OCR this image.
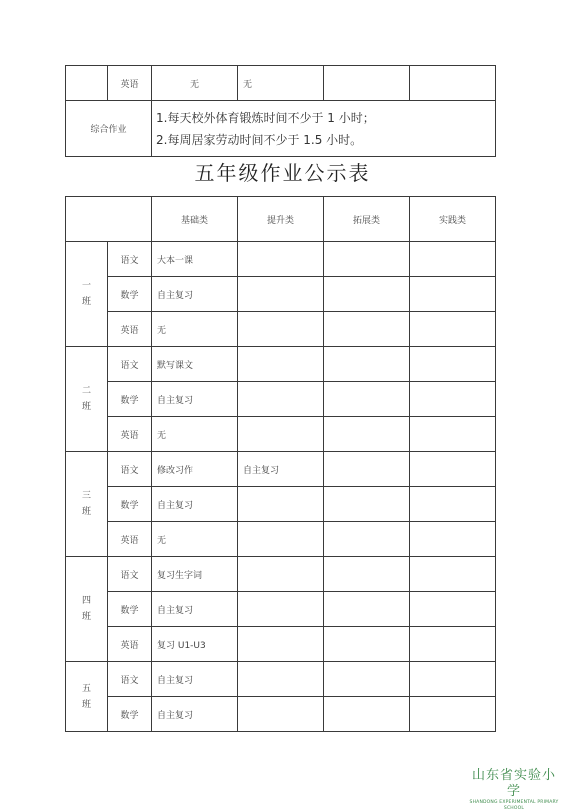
	英语	无	无		
综合作业		1.每天校外体育锻炼时间不少于 1 小时；
2.每周居家劳动时间不少于 1.5 小时。			
五年级作业公示表
		基础类	提升类	拓展类	实践类
一
班	语文	大本一课			
	数学	自主复习			
	英语	无			
二
班	语文	默写课文			
	数学	自主复习			
	英语	无			
三
班	语文	修改习作	自主复习		
	数学	自主复习			
	英语	无			
四
班	语文	复习生字词			
	数学	自主复习			
	英语	复习 U1-U3			
五
班	语文	自主复习			
	数学	自主复习			
山东省实验小学
SHANDONG EXPERIMENTAL PRIMARY SCHOOL
